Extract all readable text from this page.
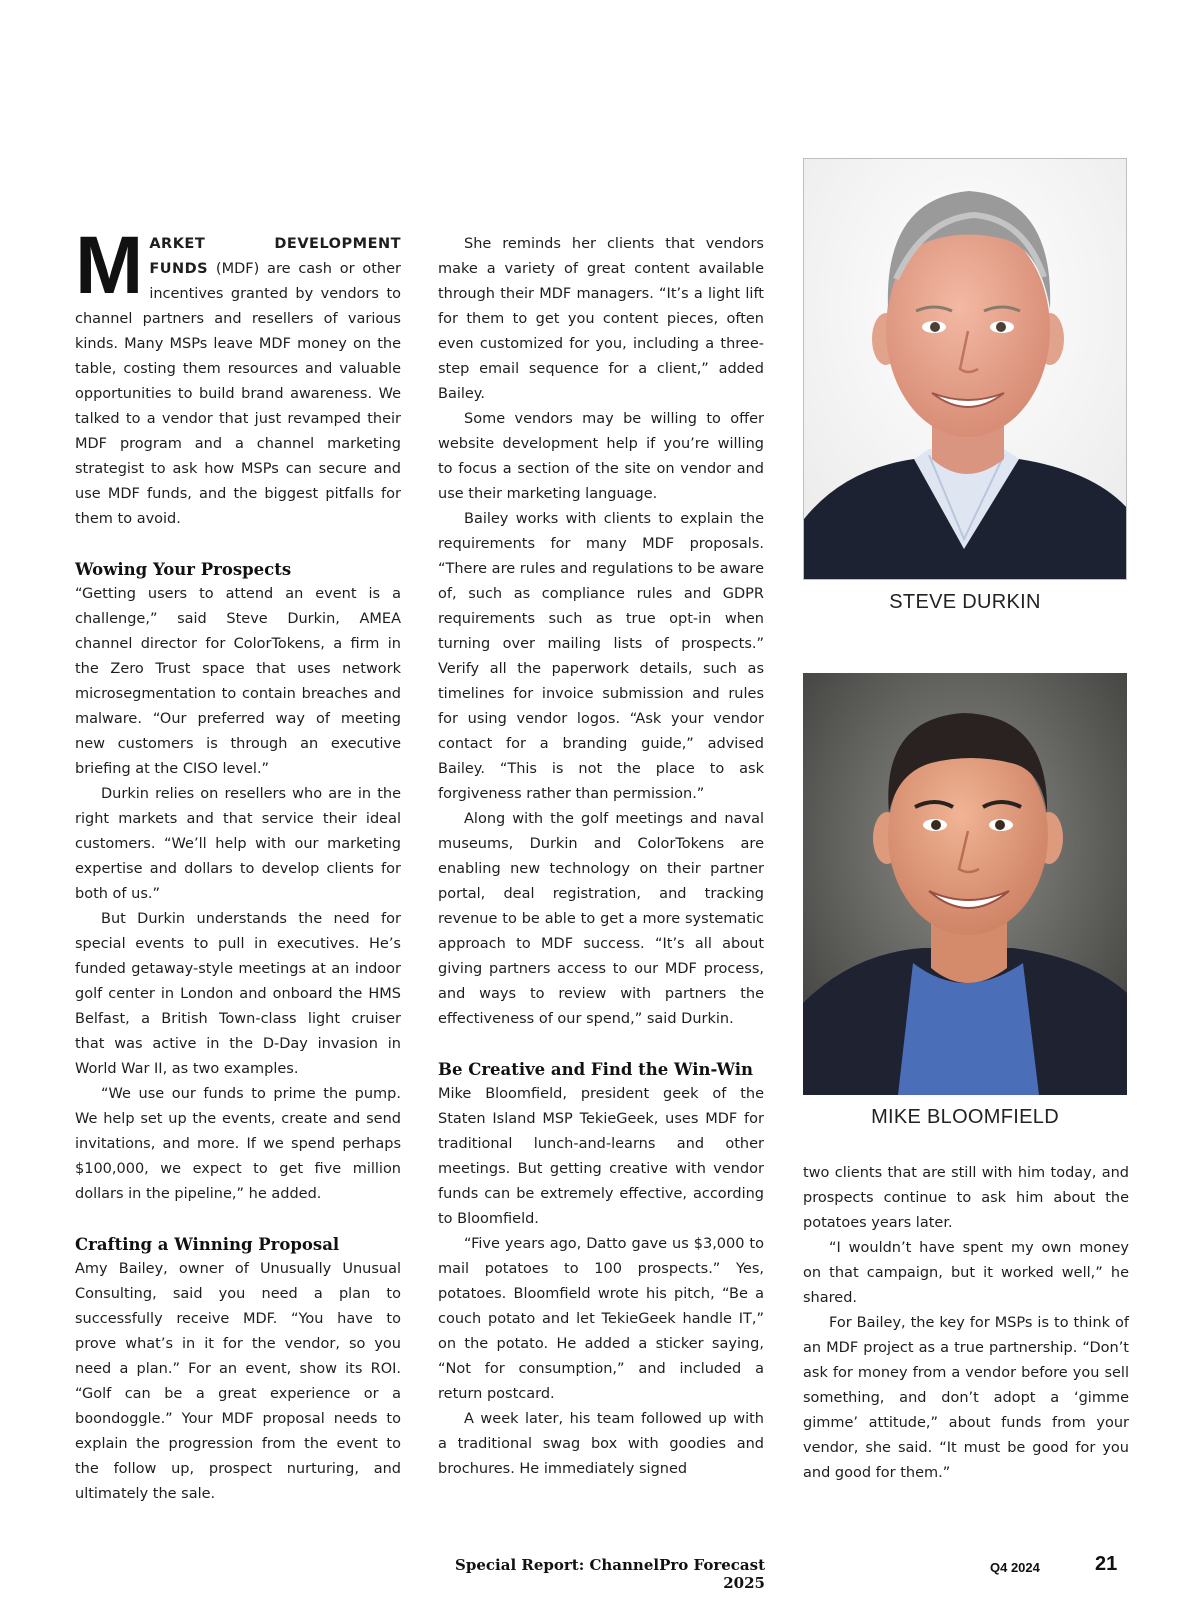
MARKET DEVELOPMENT FUNDS (MDF) are cash or other incentives granted by vendors to channel partners and resellers of various kinds. Many MSPs leave MDF money on the table, costing them resources and valuable opportunities to build brand awareness. We talked to a vendor that just revamped their MDF program and a channel marketing strategist to ask how MSPs can secure and use MDF funds, and the biggest pitfalls for them to avoid.

Wowing Your Prospects

“Getting users to attend an event is a challenge,” said Steve Durkin, AMEA channel director for ColorTokens, a firm in the Zero Trust space that uses network microsegmentation to contain breaches and malware. “Our preferred way of meeting new customers is through an executive briefing at the CISO level.”

Durkin relies on resellers who are in the right markets and that service their ideal customers. “We’ll help with our marketing expertise and dollars to develop clients for both of us.”

But Durkin understands the need for special events to pull in executives. He’s funded getaway-style meetings at an indoor golf center in London and onboard the HMS Belfast, a British Town-class light cruiser that was active in the D-Day invasion in World War II, as two examples.

“We use our funds to prime the pump. We help set up the events, create and send invitations, and more. If we spend perhaps $100,000, we expect to get five million dollars in the pipeline,” he added.

Crafting a Winning Proposal

Amy Bailey, owner of Unusually Unusual Consulting, said you need a plan to successfully receive MDF. “You have to prove what’s in it for the vendor, so you need a plan.” For an event, show its ROI. “Golf can be a great experience or a boondoggle.” Your MDF proposal needs to explain the progression from the event to the follow up, prospect nurturing, and ultimately the sale.

She reminds her clients that vendors make a variety of great content available through their MDF managers. “It’s a light lift for them to get you content pieces, often even customized for you, including a three-step email sequence for a client,” added Bailey.

Some vendors may be willing to offer website development help if you’re willing to focus a section of the site on vendor and use their marketing language.

Bailey works with clients to explain the requirements for many MDF proposals. “There are rules and regulations to be aware of, such as compliance rules and GDPR requirements such as true opt-in when turning over mailing lists of prospects.” Verify all the paperwork details, such as timelines for invoice submission and rules for using vendor logos. “Ask your vendor contact for a branding guide,” advised Bailey. “This is not the place to ask forgiveness rather than permission.”

Along with the golf meetings and naval museums, Durkin and ColorTokens are enabling new technology on their partner portal, deal registration, and tracking revenue to be able to get a more systematic approach to MDF success. “It’s all about giving partners access to our MDF process, and ways to review with partners the effectiveness of our spend,” said Durkin.

Be Creative and Find the Win-Win

Mike Bloomfield, president geek of the Staten Island MSP TekieGeek, uses MDF for traditional lunch-and-learns and other meetings. But getting creative with vendor funds can be extremely effective, according to Bloomfield.

“Five years ago, Datto gave us $3,000 to mail potatoes to 100 prospects.” Yes, potatoes. Bloomfield wrote his pitch, “Be a couch potato and let TekieGeek handle IT,” on the potato. He added a sticker saying, “Not for consumption,” and included a return postcard.

A week later, his team followed up with a traditional swag box with goodies and brochures. He immediately signed

STEVE DURKIN
MIKE BLOOMFIELD

two clients that are still with him today, and prospects continue to ask him about the potatoes years later.

“I wouldn’t have spent my own money on that campaign, but it worked well,” he shared.

For Bailey, the key for MSPs is to think of an MDF project as a true partnership. “Don’t ask for money from a vendor before you sell something, and don’t adopt a ‘gimme gimme’ attitude,” about funds from your vendor, she said. “It must be good for you and good for them.”

Special Report: ChannelPro Forecast 2025
Q4 2024	21
